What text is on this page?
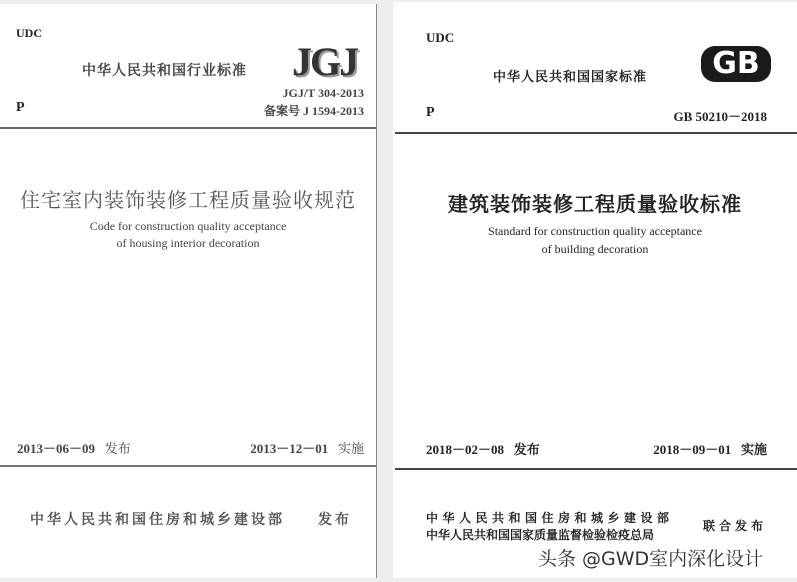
UDC
中华人民共和国行业标准 JGJ
JGJ/T 304-2013
P	备案号 J 1594-2013
住宅室内装饰装修工程质量验收规范
Code for construction quality acceptance
of housing interior decoration
2013－06－09 发布	2013－12－01 实施
中华人民共和国住房和城乡建设部 发布
UDC
中华人民共和国国家标准	GB
P	GB 50210－2018
建筑装饰装修工程质量验收标准
Standard for construction quality acceptance
of building decoration
2018－02－08 发布	2018－09－01 实施
中华人民共和国住房和城乡建设部
中华人民共和国国家质量监督检验检疫总局
联合发布
头条 @GWD室内深化设计
